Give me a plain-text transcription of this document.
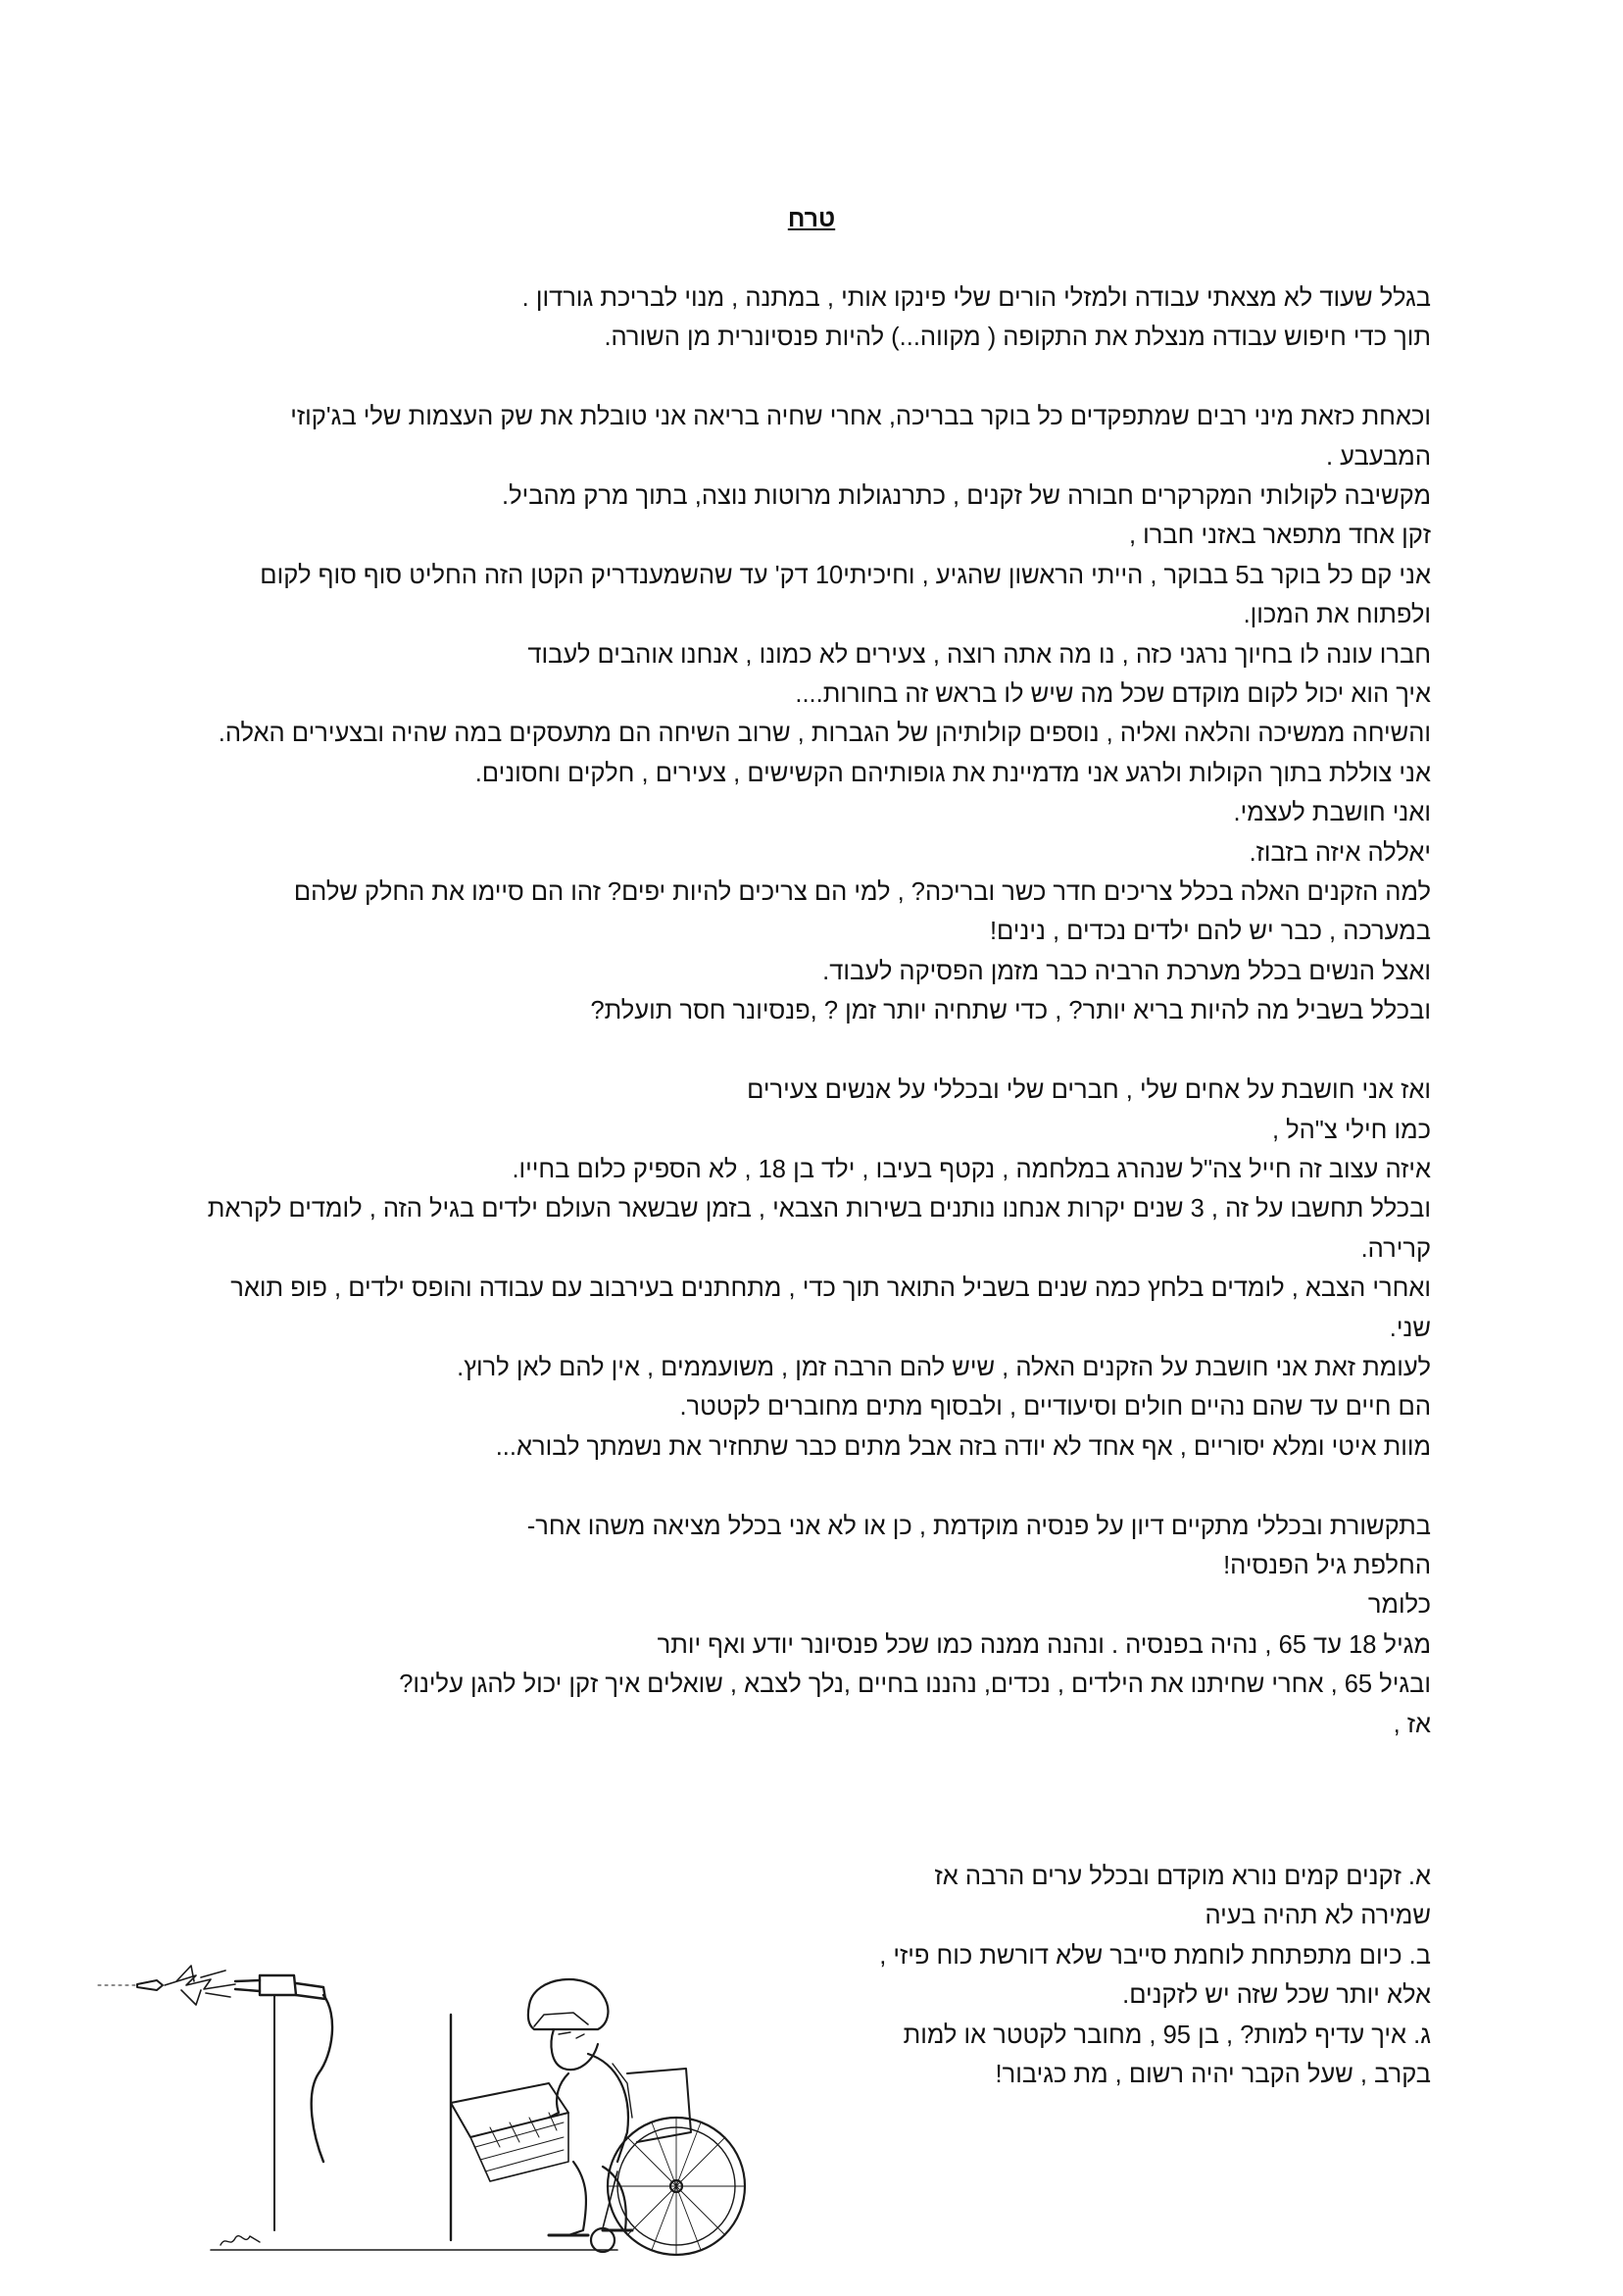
טרח

בגלל שעוד לא מצאתי עבודה ולמזלי הורים שלי פינקו אותי , במתנה , מנוי לבריכת גורדון .

תוך כדי חיפוש עבודה מנצלת את התקופה ( מקווה...) להיות פנסיונרית מן השורה.

וכאחת כזאת מיני רבים שמתפקדים כל בוקר בבריכה, אחרי שחיה בריאה אני טובלת את שק העצמות שלי בג'קוזי המבעבע .

מקשיבה לקולותי המקרקרים חבורה של זקנים , כתרנגולות מרוטות נוצה, בתוך מרק מהביל.

זקן אחד מתפאר באזני חברו ,

אני קם כל בוקר ב5 בבוקר , הייתי הראשון שהגיע , וחיכיתי10 דק' עד שהשמענדריק הקטן הזה החליט סוף סוף לקום ולפתוח את המכון.

חברו עונה לו בחיוך נרגני כזה , נו מה אתה רוצה , צעירים לא כמונו , אנחנו אוהבים לעבוד

איך הוא יכול לקום מוקדם שכל מה שיש לו בראש זה בחורות....

והשיחה ממשיכה והלאה ואליה , נוספים קולותיהן של הגברות , שרוב השיחה הם מתעסקים במה שהיה ובצעירים האלה.

אני צוללת בתוך הקולות ולרגע אני מדמיינת את גופותיהם הקשישים , צעירים , חלקים וחסונים.

ואני חושבת לעצמי.

יאללה איזה בזבוז.

למה הזקנים האלה בכלל צריכים חדר כשר ובריכה? , למי הם צריכים להיות יפים? זהו הם סיימו את החלק שלהם במערכה , כבר יש להם ילדים נכדים , נינים!

ואצל הנשים בכלל מערכת הרביה כבר מזמן הפסיקה לעבוד.

ובכלל בשביל מה להיות בריא יותר? , כדי שתחיה יותר זמן ? ,פנסיונר חסר תועלת?

ואז אני חושבת על אחים שלי , חברים שלי ובכללי על אנשים צעירים

כמו חילי צ"הל ,

איזה עצוב זה חייל צה"ל שנהרג במלחמה , נקטף בעיבו , ילד בן 18 , לא הספיק כלום בחייו.

ובכלל תחשבו על זה , 3 שנים יקרות אנחנו נותנים בשירות הצבאי , בזמן שבשאר העולם ילדים בגיל הזה , לומדים לקראת קרירה.

ואחרי הצבא , לומדים בלחץ כמה שנים בשביל התואר תוך כדי , מתחתנים בעירבוב עם עבודה והופס ילדים , פופ תואר שני.

לעומת זאת אני חושבת על הזקנים האלה , שיש להם הרבה זמן , משועממים , אין להם לאן לרוץ.

הם חיים עד שהם נהיים חולים וסיעודיים , ולבסוף מתים מחוברים לקטטר.

מוות איטי ומלא יסוריים , אף אחד לא יודה בזה אבל מתים כבר שתחזיר את נשמתך לבורא...

בתקשורת ובכללי מתקיים דיון על פנסיה מוקדמת , כן או לא אני בכלל מציאה משהו אחר-

החלפת גיל הפנסיה!

כלומר

מגיל 18 עד 65 , נהיה בפנסיה . ונהנה ממנה כמו שכל פנסיונר יודע ואף יותר

ובגיל 65 , אחרי שחיתנו את הילדים , נכדים, נהננו בחיים ,נלך לצבא , שואלים איך זקן יכול להגן עלינו?

אז ,

א. זקנים קמים נורא מוקדם ובכלל ערים הרבה אז שמירה לא תהיה בעיה

ב. כיום מתפתחת לוחמת סייבר שלא דורשת כוח פיזי , אלא יותר שכל שזה יש לזקנים.

ג. איך עדיף למות? , בן 95 , מחובר לקטטר או למות בקרב , שעל הקבר יהיה רשום , מת כגיבור!
